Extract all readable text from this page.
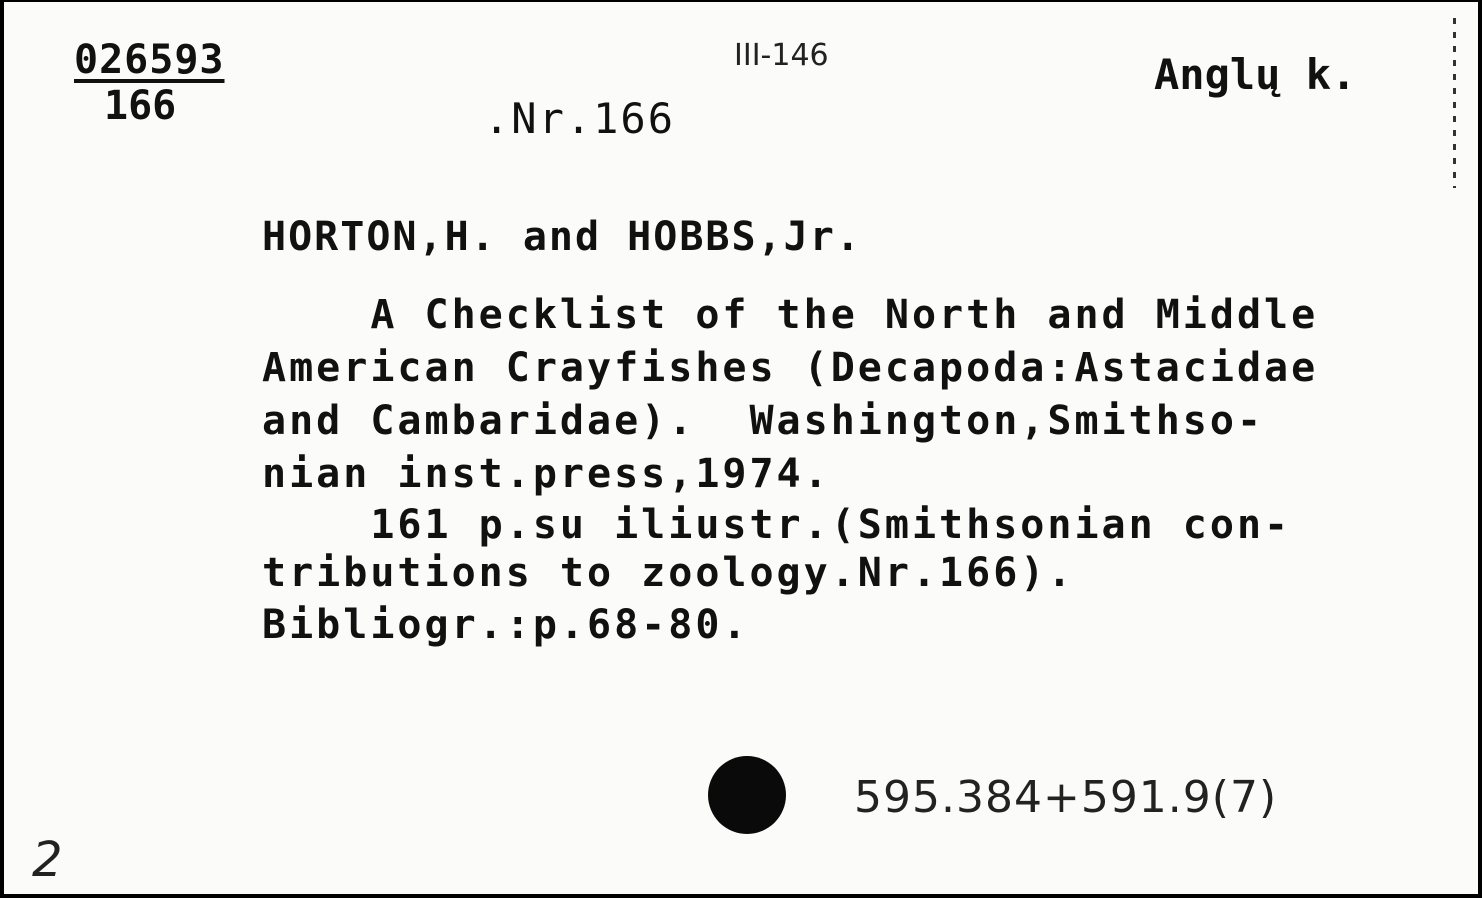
$\frac{026593}{166}$	.Nr.166
III-146	Anglų k.
HORTON,H. and HOBBS,Jr.
A Checklist of the North and Middle
American Crayfishes (Decapoda:Astacidae
and Cambaridae).  Washington,Smithso-
nian inst.press,1974.
161 p.su iliustr.(Smithsonian con-
tributions to zoology.Nr.166).
Bibliogr.:p.68-80.
595.384+591.9(7)
2
